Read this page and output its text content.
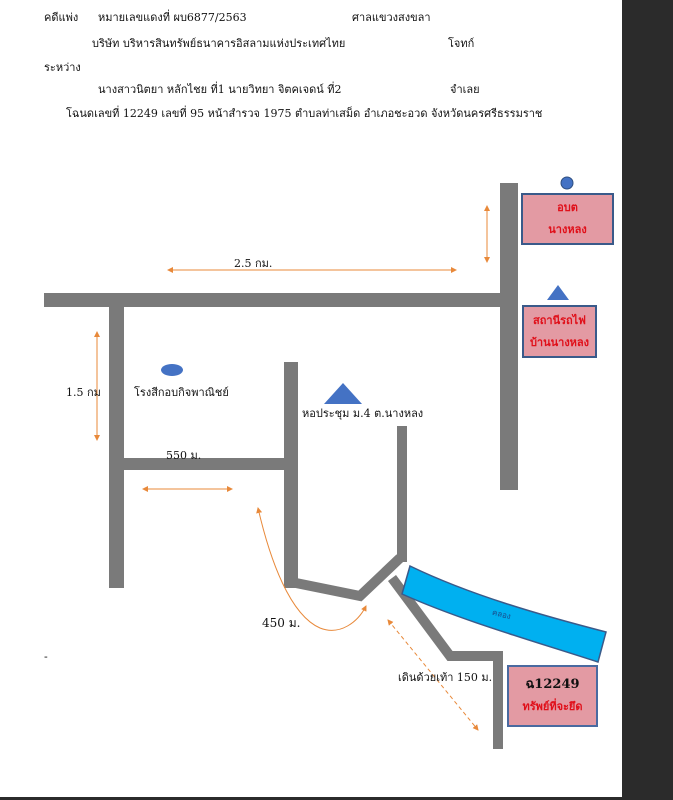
คดีแพ่ง หมายเลขแดงที่ ผบ6877/2563	ศาลแขวงสงขลา
บริษัท บริหารสินทรัพย์ธนาคารอิสลามแห่งประเทศไทย	โจทก์
ระหว่าง
นางสาวนิตยา หลักไชย ที่1 นายวิทยา จิตคเจดน์ ที่2	จำเลย
โฉนดเลขที่ 12249 เลขที่ 95 หน้าสำรวจ 1975 ตำบลท่าเสม็ด อำเภอชะอวด จังหวัดนครศรีธรรมราช
2.5 กม.
1.5 กม
550 ม.
450 ม.
เดินด้วยเท้า 150 ม.
โรงสีกอบกิจพาณิชย์
หอประชุม ม.4 ต.นางหลง
คลอง
-
อบต
นางหลง
สถานีรถไฟ
บ้านนางหลง
ฉ12249
ทรัพย์ที่จะยึด
